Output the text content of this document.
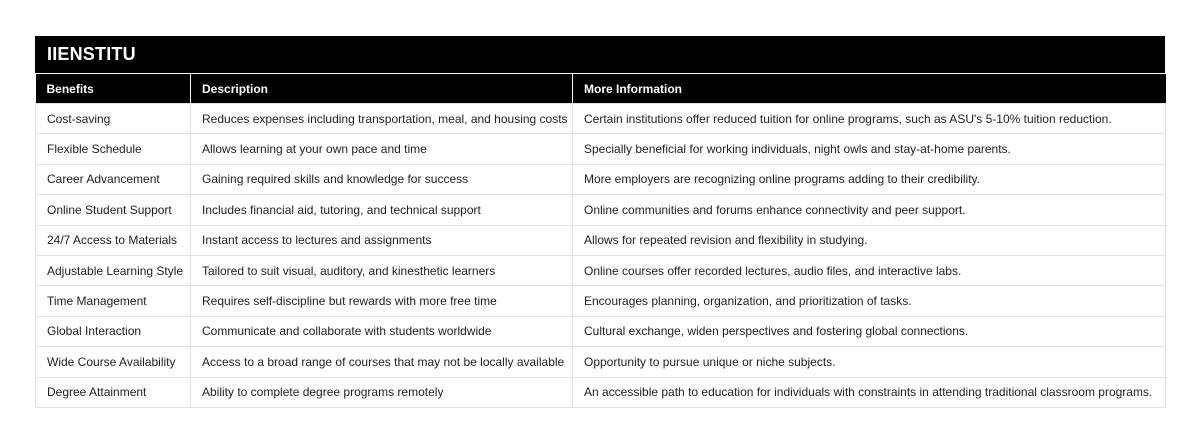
IIENSTITU
Benefits	Description	More Information
Cost-saving	Reduces expenses including transportation, meal, and housing costs	Certain institutions offer reduced tuition for online programs, such as ASU's 5-10% tuition reduction.
Flexible Schedule	Allows learning at your own pace and time	Specially beneficial for working individuals, night owls and stay-at-home parents.
Career Advancement	Gaining required skills and knowledge for success	More employers are recognizing online programs adding to their credibility.
Online Student Support	Includes financial aid, tutoring, and technical support	Online communities and forums enhance connectivity and peer support.
24/7 Access to Materials	Instant access to lectures and assignments	Allows for repeated revision and flexibility in studying.
Adjustable Learning Style	Tailored to suit visual, auditory, and kinesthetic learners	Online courses offer recorded lectures, audio files, and interactive labs.
Time Management	Requires self-discipline but rewards with more free time	Encourages planning, organization, and prioritization of tasks.
Global Interaction	Communicate and collaborate with students worldwide	Cultural exchange, widen perspectives and fostering global connections.
Wide Course Availability	Access to a broad range of courses that may not be locally available	Opportunity to pursue unique or niche subjects.
Degree Attainment	Ability to complete degree programs remotely	An accessible path to education for individuals with constraints in attending traditional classroom programs.
